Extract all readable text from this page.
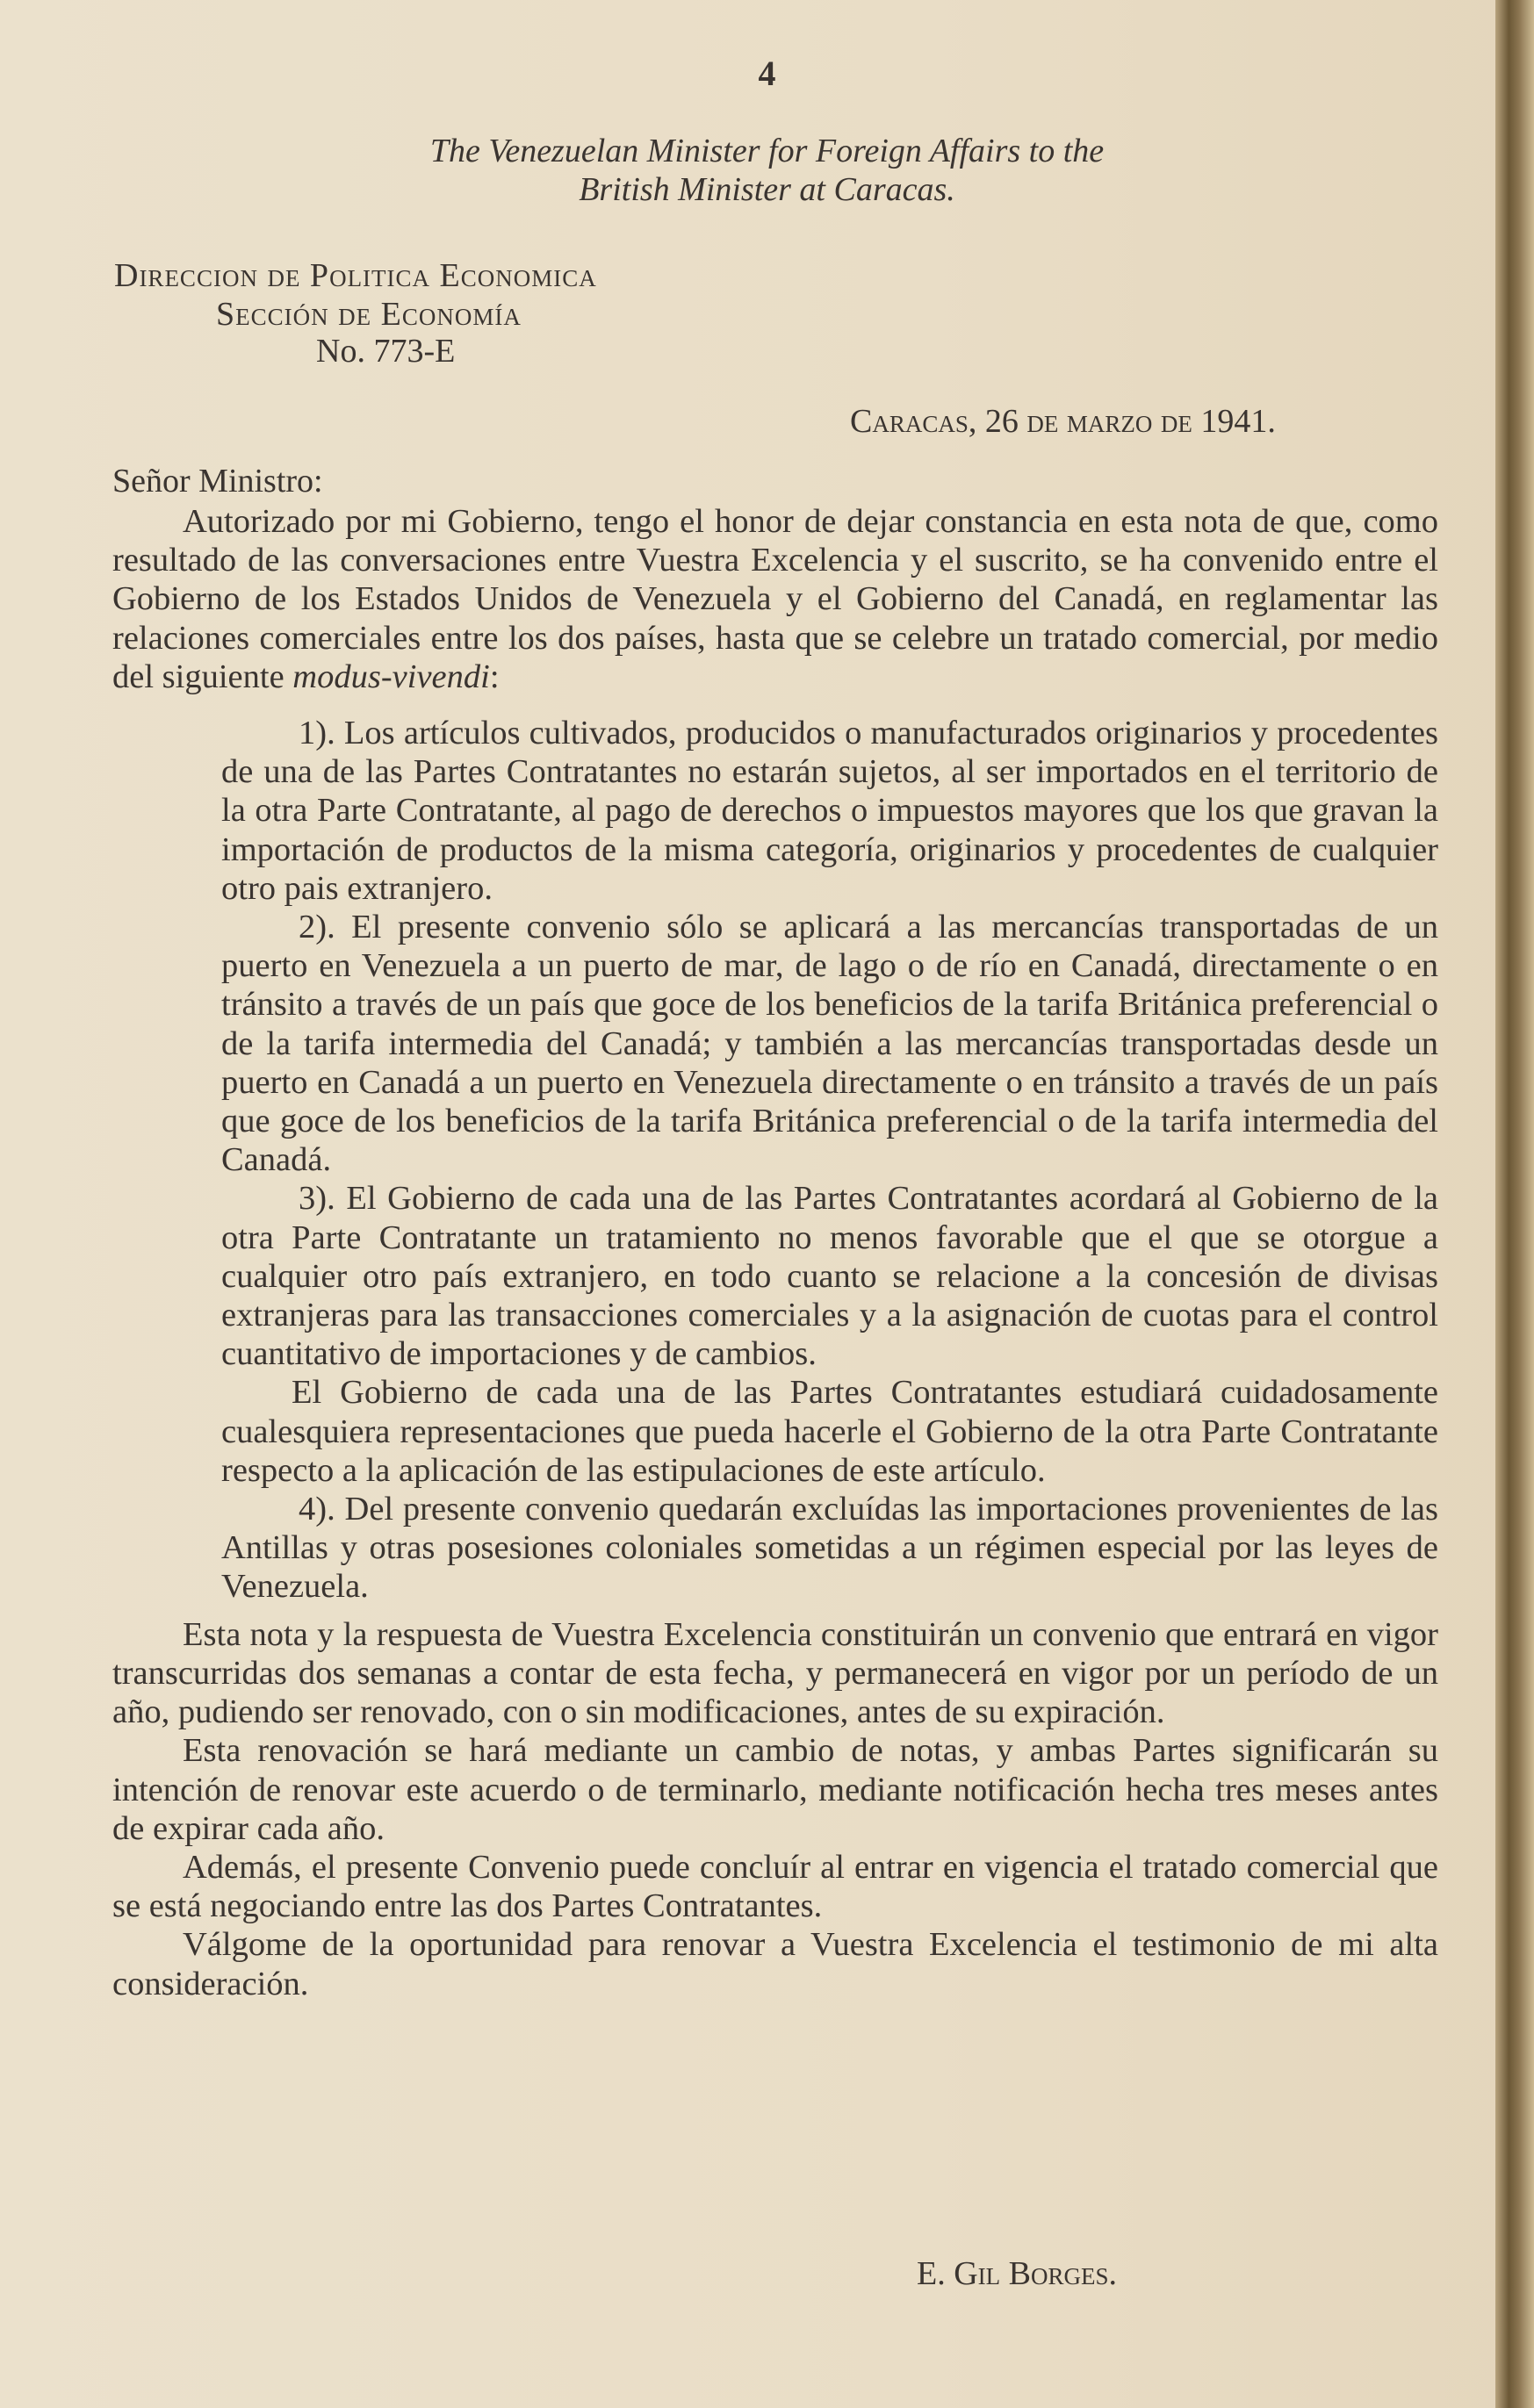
4
The Venezuelan Minister for Foreign Affairs to the
British Minister at Caracas.
Direccion de Politica Economica
Sección de Economía
No. 773-E
Caracas, 26 de marzo de 1941.
Señor Ministro:

Autorizado por mi Gobierno, tengo el honor de dejar constancia en esta nota de que, como resultado de las conversaciones entre Vuestra Excelencia y el suscrito, se ha convenido entre el Gobierno de los Estados Unidos de Venezuela y el Gobierno del Canadá, en reglamentar las relaciones comerciales entre los dos países, hasta que se celebre un tratado comercial, por medio del siguiente modus-vivendi:

1). Los artículos cultivados, producidos o manufacturados originarios y procedentes de una de las Partes Contratantes no estarán sujetos, al ser importados en el territorio de la otra Parte Contratante, al pago de derechos o impuestos mayores que los que gravan la importación de productos de la misma categoría, originarios y procedentes de cualquier otro pais extranjero.

2). El presente convenio sólo se aplicará a las mercancías transportadas de un puerto en Venezuela a un puerto de mar, de lago o de río en Canadá, directamente o en tránsito a través de un país que goce de los beneficios de la tarifa Británica preferencial o de la tarifa intermedia del Canadá; y también a las mercancías transportadas desde un puerto en Canadá a un puerto en Venezuela directamente o en tránsito a través de un país que goce de los beneficios de la tarifa Británica preferencial o de la tarifa intermedia del Canadá.

3). El Gobierno de cada una de las Partes Contratantes acordará al Gobierno de la otra Parte Contratante un tratamiento no menos favorable que el que se otorgue a cualquier otro país extranjero, en todo cuanto se relacione a la concesión de divisas extranjeras para las transacciones comerciales y a la asignación de cuotas para el control cuantitativo de importaciones y de cambios.

El Gobierno de cada una de las Partes Contratantes estudiará cuidadosamente cualesquiera representaciones que pueda hacerle el Gobierno de la otra Parte Contratante respecto a la aplicación de las estipulaciones de este artículo.

4). Del presente convenio quedarán excluídas las importaciones provenientes de las Antillas y otras posesiones coloniales sometidas a un régimen especial por las leyes de Venezuela.

Esta nota y la respuesta de Vuestra Excelencia constituirán un convenio que entrará en vigor transcurridas dos semanas a contar de esta fecha, y permanecerá en vigor por un período de un año, pudiendo ser renovado, con o sin modificaciones, antes de su expiración.

Esta renovación se hará mediante un cambio de notas, y ambas Partes significarán su intención de renovar este acuerdo o de terminarlo, mediante notificación hecha tres meses antes de expirar cada año.

Además, el presente Convenio puede concluír al entrar en vigencia el tratado comercial que se está negociando entre las dos Partes Contratantes.

Válgome de la oportunidad para renovar a Vuestra Excelencia el testimonio de mi alta consideración.

E. Gil Borges.
